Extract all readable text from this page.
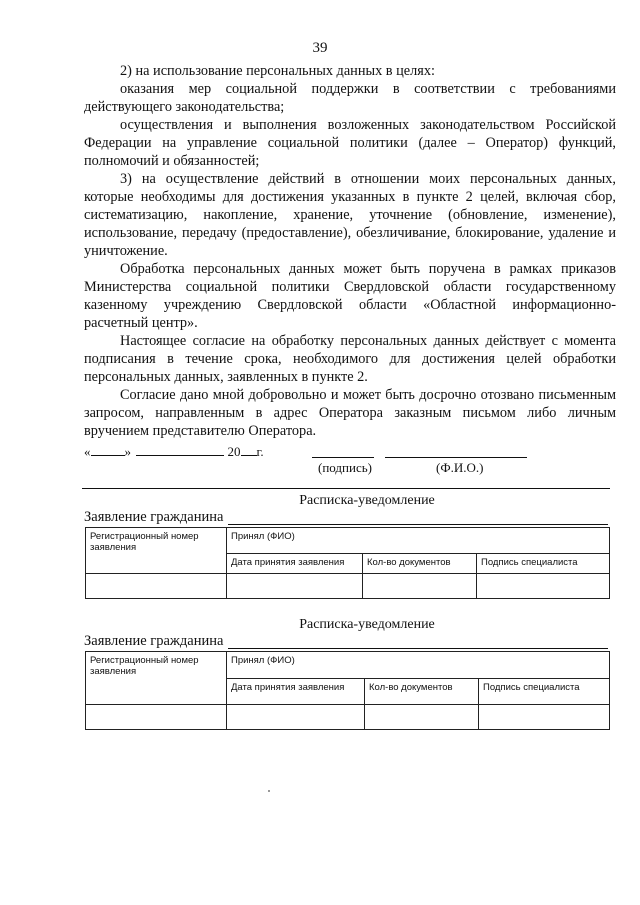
39

2) на использование персональных данных в целях:

оказания мер социальной поддержки в соответствии с требованиями действующего законодательства;

осуществления и выполнения возложенных законодательством Российской Федерации на управление социальной политики (далее – Оператор) функций, полномочий и обязанностей;

3) на осуществление действий в отношении моих персональных данных, которые необходимы для достижения указанных в пункте 2 целей, включая сбор, систематизацию, накопление, хранение, уточнение (обновление, изменение), использование, передачу (предоставление), обезличивание, блокирование, удаление и уничтожение.

Обработка персональных данных может быть поручена в рамках приказов Министерства социальной политики Свердловской области государственному казенному учреждению Свердловской области «Областной информационно-расчетный центр».

Настоящее согласие на обработку персональных данных действует с момента подписания в течение срока, необходимого для достижения целей обработки персональных данных, заявленных в пункте 2.

Согласие дано мной добровольно и может быть досрочно отозвано письменным запросом, направленным в адрес Оператора заказным письмом либо личным вручением представителю Оператора.

«	»	20 г.
(подпись)	(Ф.И.О.)
Расписка-уведомление
Заявление гражданина
Регистрационный номер заявления	Принял (ФИО)		
	Дата принятия заявления	Кол-во документов	Подпись специалиста

Расписка-уведомление
Заявление гражданина
Регистрационный номер заявления	Принял (ФИО)		
	Дата принятия заявления	Кол-во документов	Подпись специалиста
